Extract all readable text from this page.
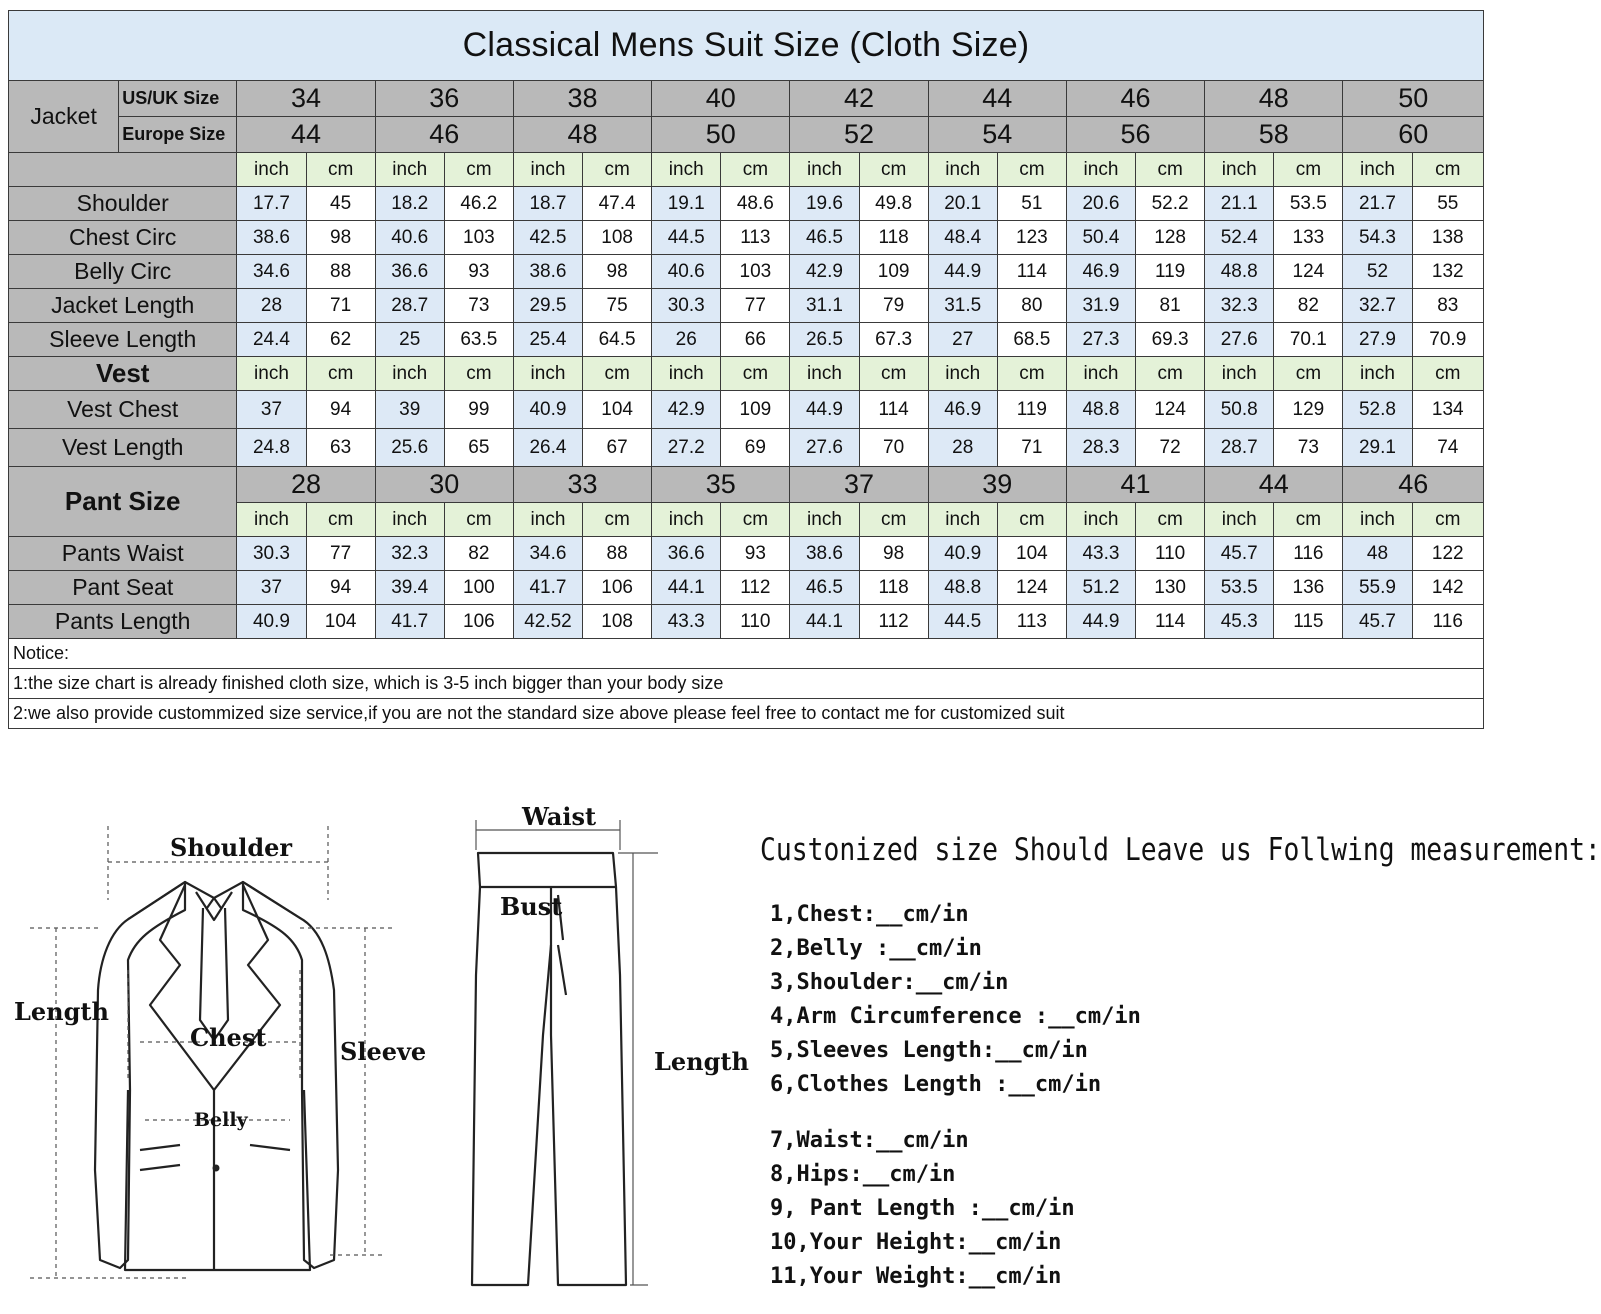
Classical Mens Suit Size (Cloth Size)																			
Jacket	US/UK Size	34		36		38		40		42		44		46		48		50	
	Europe Size	44		46		48		50		52		54		56		58		60	
		inch	cm	inch	cm	inch	cm	inch	cm	inch	cm	inch	cm	inch	cm	inch	cm	inch	cm
Shoulder		17.7	45	18.2	46.2	18.7	47.4	19.1	48.6	19.6	49.8	20.1	51	20.6	52.2	21.1	53.5	21.7	55
Chest Circ		38.6	98	40.6	103	42.5	108	44.5	113	46.5	118	48.4	123	50.4	128	52.4	133	54.3	138
Belly Circ		34.6	88	36.6	93	38.6	98	40.6	103	42.9	109	44.9	114	46.9	119	48.8	124	52	132
Jacket Length		28	71	28.7	73	29.5	75	30.3	77	31.1	79	31.5	80	31.9	81	32.3	82	32.7	83
Sleeve Length		24.4	62	25	63.5	25.4	64.5	26	66	26.5	67.3	27	68.5	27.3	69.3	27.6	70.1	27.9	70.9
Vest		inch	cm	inch	cm	inch	cm	inch	cm	inch	cm	inch	cm	inch	cm	inch	cm	inch	cm
Vest Chest		37	94	39	99	40.9	104	42.9	109	44.9	114	46.9	119	48.8	124	50.8	129	52.8	134
Vest Length		24.8	63	25.6	65	26.4	67	27.2	69	27.6	70	28	71	28.3	72	28.7	73	29.1	74
Pant Size		28		30		33		35		37		39		41		44		46	
		inch	cm	inch	cm	inch	cm	inch	cm	inch	cm	inch	cm	inch	cm	inch	cm	inch	cm
Pants Waist		30.3	77	32.3	82	34.6	88	36.6	93	38.6	98	40.9	104	43.3	110	45.7	116	48	122
Pant Seat		37	94	39.4	100	41.7	106	44.1	112	46.5	118	48.8	124	51.2	130	53.5	136	55.9	142
Pants Length		40.9	104	41.7	106	42.52	108	43.3	110	44.1	112	44.5	113	44.9	114	45.3	115	45.7	116
Notice:																			
1:the size chart is already finished cloth size, which is 3-5 inch bigger than your body size																			
2:we also provide custommized size service,if you are not the standard size above please feel free to contact me for customized suit																			
Shoulder
Length
Chest	Sleeve
Belly
Waist
Bust
Length
Custonized size Should Leave us Follwing measurement:
1,Chest:__cm/in
2,Belly :__cm/in
3,Shoulder:__cm/in
4,Arm Circumference :__cm/in
5,Sleeves Length:__cm/in
6,Clothes Length :__cm/in
7,Waist:__cm/in
8,Hips:__cm/in
9, Pant Length :__cm/in
10,Your Height:__cm/in
11,Your Weight:__cm/in
